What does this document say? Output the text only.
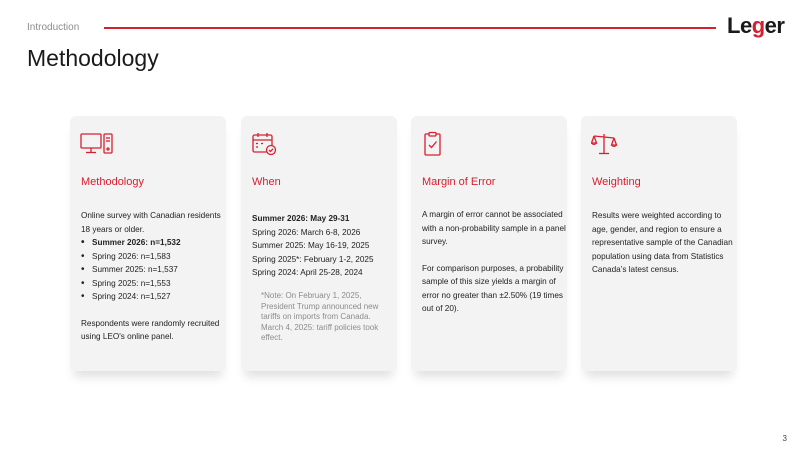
Introduction	Leger
Methodology
Methodology
Online survey with Canadian residents 18 years or older.
• Summer 2026: n=1,532
• Spring 2026: n=1,583
• Summer 2025: n=1,537
• Spring 2025: n=1,553
• Spring 2024: n=1,527
Respondents were randomly recruited using LEO's online panel.
When
Summer 2026: May 29-31
Spring 2026: March 6-8, 2026
Summer 2025: May 16-19, 2025
Spring 2025*: February 1-2, 2025
Spring 2024: April 25-28, 2024
*Note: On February 1, 2025, President Trump announced new tariffs on imports from Canada. March 4, 2025: tariff policies took effect.
Margin of Error
A margin of error cannot be associated with a non-probability sample in a panel survey.
For comparison purposes, a probability sample of this size yields a margin of error no greater than ±2.50% (19 times out of 20).
Weighting
Results were weighted according to age, gender, and region to ensure a representative sample of the Canadian population using data from Statistics Canada’s latest census.
3
